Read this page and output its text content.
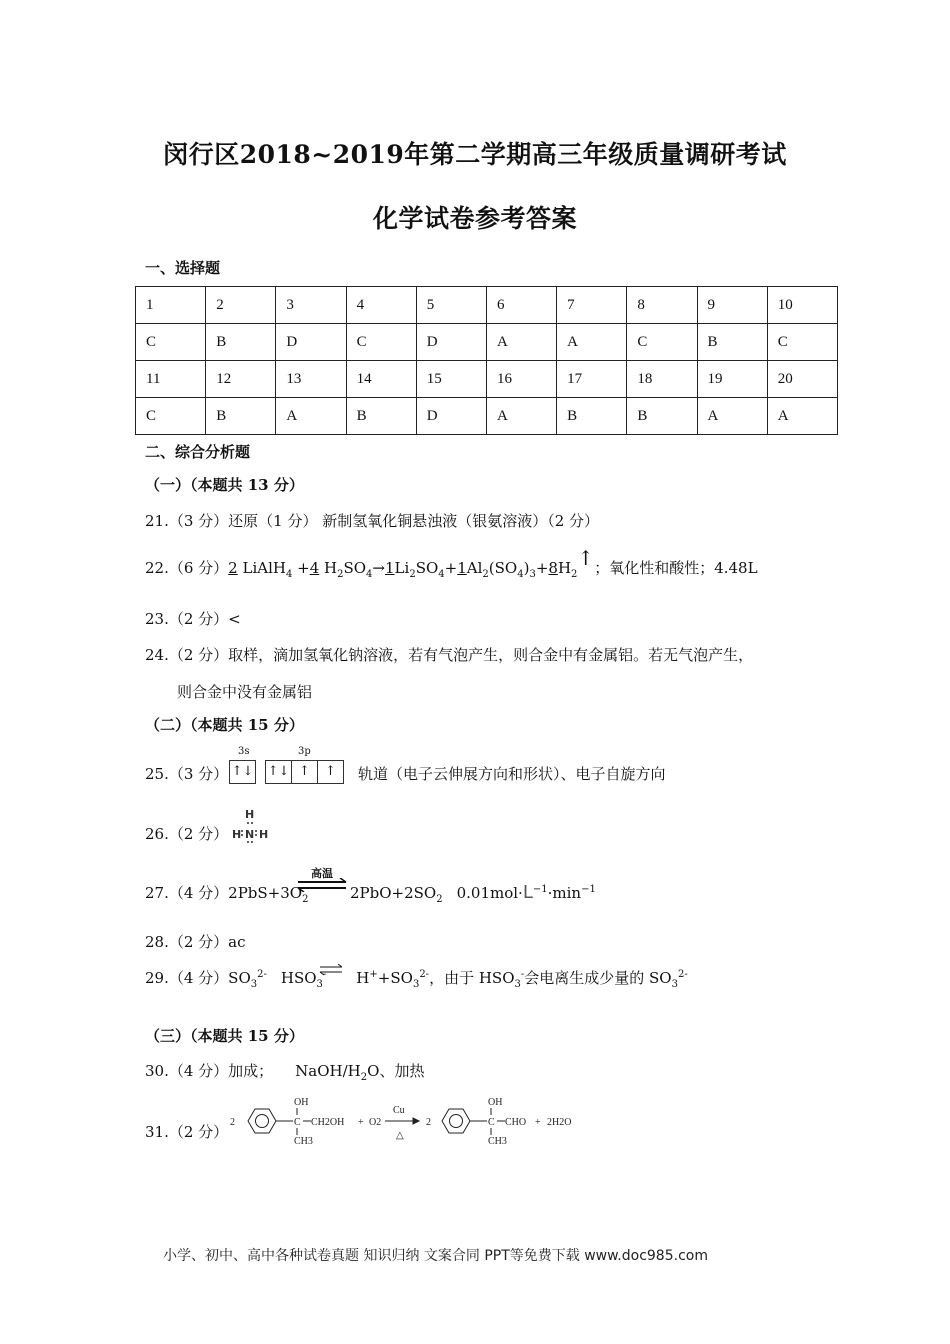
闵行区2018~2019年第二学期高三年级质量调研考试
化学试卷参考答案
一、选择题
1	2	3	4	5	6	7	8	9	10
C	B	D	C	D	A	A	C	B	C
11	12	13	14	15	16	17	18	19	20
C	B	A	B	D	A	B	B	A	A
二、综合分析题
（一）（本题共 13 分）
21.（3 分）还原（1 分） 新制氢氧化铜悬浊液（银氨溶液）（2 分）
22.（6 分）2 LiAlH$_4$ +4 $H_2SO_4\to 1Li_2SO_4+1Al_2(SO_4)_3+8H_2↑$；氧化性和酸性；4.48L
23.（2 分）<
24.（2 分）取样，滴加氢氧化钠溶液，若有气泡产生，则合金中有金属铝。若无气泡产生，
则合金中没有金属铝
（二）（本题共 15 分）
25.（3 分）
3s	3p
↑↓ ↑↓ ↑ ↑	轨道（电子云伸展方向和形状）、电子自旋方向
26.（2 分）
H
H N H
27.（4 分）$2PbS+3O_2$
高温
⇌ $2PbO+2SO_2$ $0.01mol\cdot L^{-1}\cdot\min^{-1}$
28.（2 分）ac
29.（4 分）$SO_3^{2-}$ $HSO_3^-$ $H^++SO_3^{2-}$，由于 $HSO_3^-$会电离生成少量的 $SO_3^{2-}$
（三）（本题共 15 分）
30.（4 分）加成； NaOH/$H_2O$、加热
31.（2 分）
2
OH
C CH2OH
CH3
+ O2
Cu
△
2
OH
C CHO
CH3
+ 2H2O
小学、初中、高中各种试卷真题 知识归纳 文案合同 PPT等免费下载 www.doc985.com
